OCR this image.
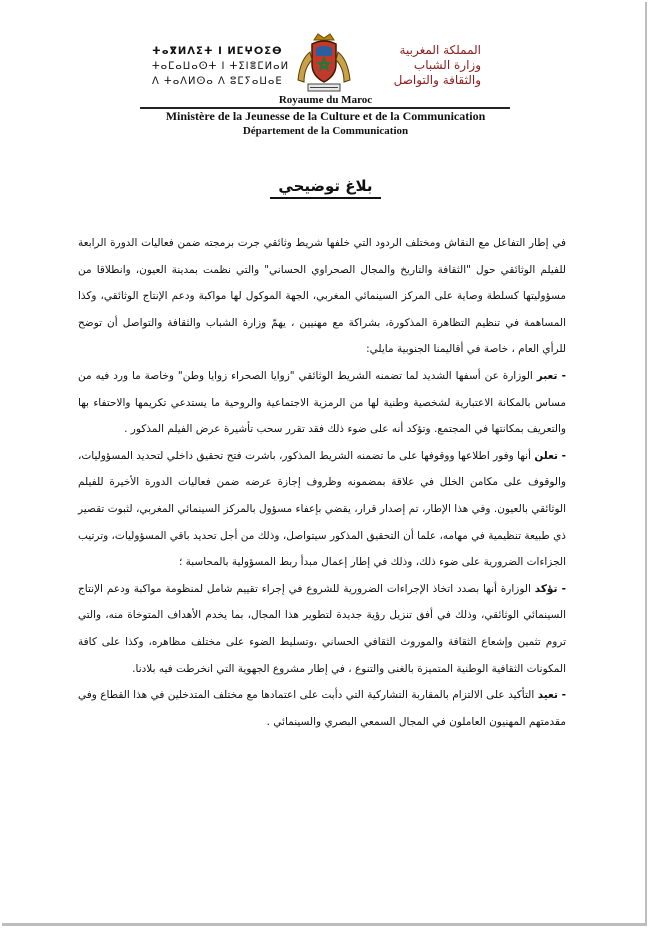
ⵜⴰⴳⵍⴷⵉⵜ ⵏ ⵍⵎⵖⵔⵉⴱ
ⵜⴰⵎⴰⵡⴰⵙⵜ ⵏ ⵜⵉⵏⴻⵎⵍⴰⵍ
ⴷ ⵜⴰⴷⵍⵙⴰ ⴷ ⵓⵎⵢⴰⵡⴰⴹ
المملكة المغربية
وزارة الشباب
والثقافة والتواصل
Royaume du Maroc
Ministère de la Jeunesse de la Culture et de la Communication
Département de la Communication
بلاغ توضيحي

في إطار التفاعل مع النقاش ومختلف الردود التي خلفها شريط وثائقي جرت برمجته ضمن فعاليات الدورة الرابعة للفيلم الوثائقي حول "الثقافة والتاريخ والمجال الصحراوي الحساني" والتي نظمت بمدينة العيون، وانطلاقا من مسؤوليتها كسلطة وصاية على المركز السينمائي المغربي، الجهة الموكول لها مواكبة ودعم الإنتاج الوثائقي، وكذا المساهمة في تنظيم التظاهرة المذكورة، بشراكة مع مهنيين ، يهمّ وزارة الشباب والثقافة والتواصل أن توضح للرأي العام ، خاصة في أقاليمنا الجنوبية مايلي:

- تعبر الوزارة عن أسفها الشديد لما تضمنه الشريط الوثائقي "زوايا الصحراء زوايا وطن" وخاصة ما ورد فيه من مساس بالمكانة الاعتبارية لشخصية وطنية لها من الرمزية الاجتماعية والروحية ما يستدعي تكريمها والاحتفاء بها والتعريف بمكانتها في المجتمع. وتؤكد أنه على ضوء ذلك فقد تقرر سحب تأشيرة عرض الفيلم المذكور .

- تعلن أنها وفور اطلاعها ووقوفها على ما تضمنه الشريط المذكور، باشرت فتح تحقيق داخلي لتحديد المسؤوليات، والوقوف على مكامن الخلل في علاقة بمضمونه وظروف إجازة عرضه ضمن فعاليات الدورة الأخيرة للفيلم الوثائقي بالعيون. وفي هذا الإطار، تم إصدار قرار، يقضي بإعفاء مسؤول بالمركز السينمائي المغربي، لثبوت تقصير ذي طبيعة تنظيمية في مهامه، علما أن التحقيق المذكور سيتواصل، وذلك من أجل تحديد باقي المسؤوليات، وترتيب الجزاءات الضرورية على ضوء ذلك، وذلك في إطار إعمال مبدأ ربط المسؤولية بالمحاسبة ؛

- تؤكد الوزارة أنها بصدد اتخاذ الإجراءات الضرورية للشروع في إجراء تقييم شامل لمنظومة مواكبة ودعم الإنتاج السينمائي الوثائقي، وذلك في أفق تنزيل رؤية جديدة لتطوير هذا المجال، بما يخدم الأهداف المتوخاة منه، والتي تروم تثمين وإشعاع الثقافة والموروث الثقافي الحساني ،وتسليط الضوء على مختلف مظاهره، وكذا على كافة المكونات الثقافية الوطنية المتميزة بالغنى والتنوع ، في إطار مشروع الجهوية التي انخرطت فيه بلادنا.

- تعيد التأكيد على الالتزام بالمقاربة التشاركية التي دأبت على اعتمادها مع مختلف المتدخلين في هذا القطاع وفي مقدمتهم المهنيون العاملون في المجال السمعي البصري والسينمائي .
